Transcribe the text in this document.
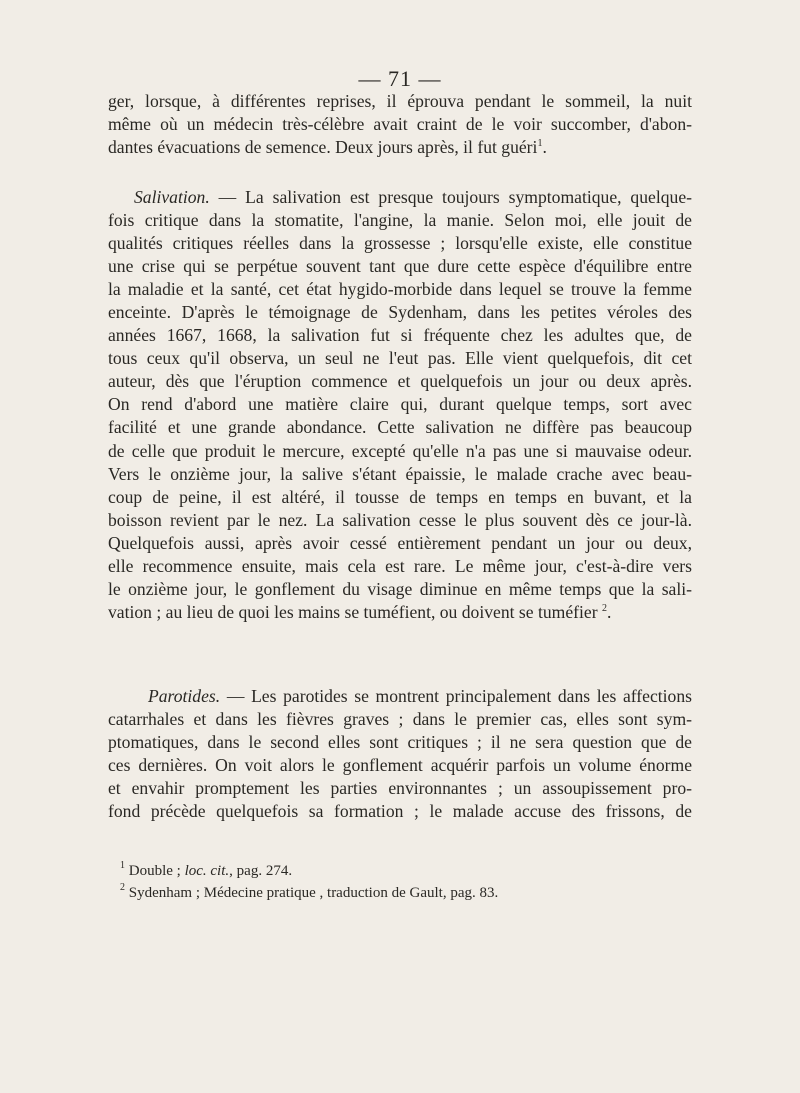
— 71 —
ger, lorsque, à différentes reprises, il éprouva pendant le sommeil, la nuit
même où un médecin très-célèbre avait craint de le voir succomber, d'abon-
dantes évacuations de semence. Deux jours après, il fut guéri$^1$.
Salivation. — La salivation est presque toujours symptomatique, quelque-
fois critique dans la stomatite, l'angine, la manie. Selon moi, elle jouit de
qualités critiques réelles dans la grossesse ; lorsqu'elle existe, elle constitue
une crise qui se perpétue souvent tant que dure cette espèce d'équilibre entre
la maladie et la santé, cet état hygido-morbide dans lequel se trouve la femme
enceinte. D'après le témoignage de Sydenham, dans les petites véroles des
années 1667, 1668, la salivation fut si fréquente chez les adultes que, de
tous ceux qu'il observa, un seul ne l'eut pas. Elle vient quelquefois, dit cet
auteur, dès que l'éruption commence et quelquefois un jour ou deux après.
On rend d'abord une matière claire qui, durant quelque temps, sort avec
facilité et une grande abondance. Cette salivation ne diffère pas beaucoup
de celle que produit le mercure, excepté qu'elle n'a pas une si mauvaise odeur.
Vers le onzième jour, la salive s'étant épaissie, le malade crache avec beau-
coup de peine, il est altéré, il tousse de temps en temps en buvant, et la
boisson revient par le nez. La salivation cesse le plus souvent dès ce jour-là.
Quelquefois aussi, après avoir cessé entièrement pendant un jour ou deux,
elle recommence ensuite, mais cela est rare. Le même jour, c'est-à-dire vers
le onzième jour, le gonflement du visage diminue en même temps que la sali-
vation ; au lieu de quoi les mains se tuméfient, ou doivent se tuméfier $^2$.
Parotides. — Les parotides se montrent principalement dans les affections
catarrhales et dans les fièvres graves ; dans le premier cas, elles sont sym-
ptomatiques, dans le second elles sont critiques ; il ne sera question que de
ces dernières. On voit alors le gonflement acquérir parfois un volume énorme
et envahir promptement les parties environnantes ; un assoupissement pro-
fond précède quelquefois sa formation ; le malade accuse des frissons, de
$^1$ Double ; loc. cit., pag. 274.
$^2$ Sydenham ; Médecine pratique , traduction de Gault, pag. 83.
